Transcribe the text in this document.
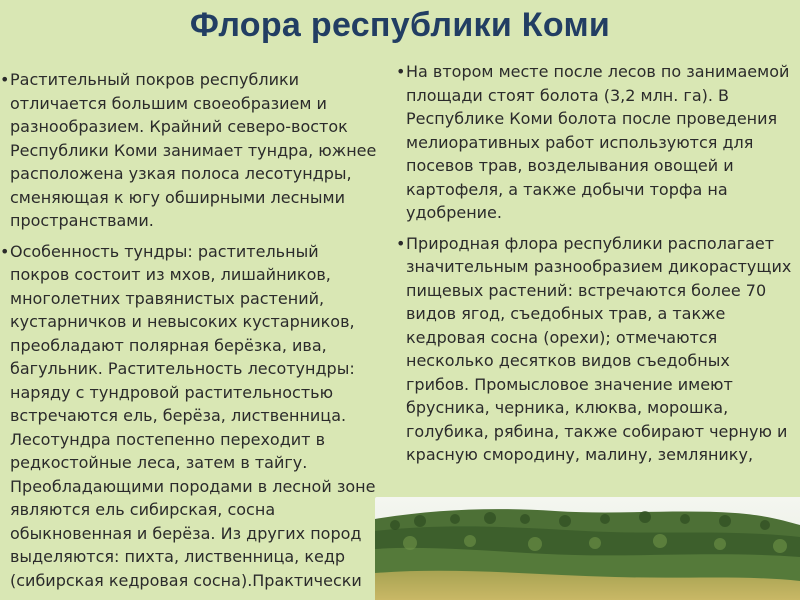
Флора республики Коми
• Растительный покров республики отличается большим своеобразием и разнообразием. Крайний северо-восток Республики Коми занимает тундра, южнее расположена узкая полоса лесотундры, сменяющая к югу обширными лесными пространствами.
• Особенность тундры: растительный покров состоит из мхов, лишайников, многолетних травянистых растений, кустарничков и невысоких кустарников, преобладают полярная берёзка, ива, багульник. Растительность лесотундры: наряду с тундровой растительностью встречаются ель, берёза, лиственница. Лесотундра постепенно переходит в редкостойные леса, затем в тайгу. Преобладающими породами в лесной зоне являются ель сибирская, сосна обыкновенная и берёза. Из других пород выделяются: пихта, лиственница, кедр (сибирская кедровая сосна).Практически
• На втором месте после лесов по занимаемой площади стоят болота (3,2 млн. га). В Республике Коми болота после проведения мелиоративных работ используются для посевов трав, возделывания овощей и картофеля, а также добычи торфа на удобрение.
• Природная флора республики располагает значительным разнообразием дикорастущих пищевых растений: встречаются более 70 видов ягод, съедобных трав, а также кедровая сосна (орехи); отмечаются несколько десятков видов съедобных грибов. Промысловое значение имеют брусника, черника, клюква, морошка, голубика, рябина, также собирают черную и красную смородину, малину, землянику,
